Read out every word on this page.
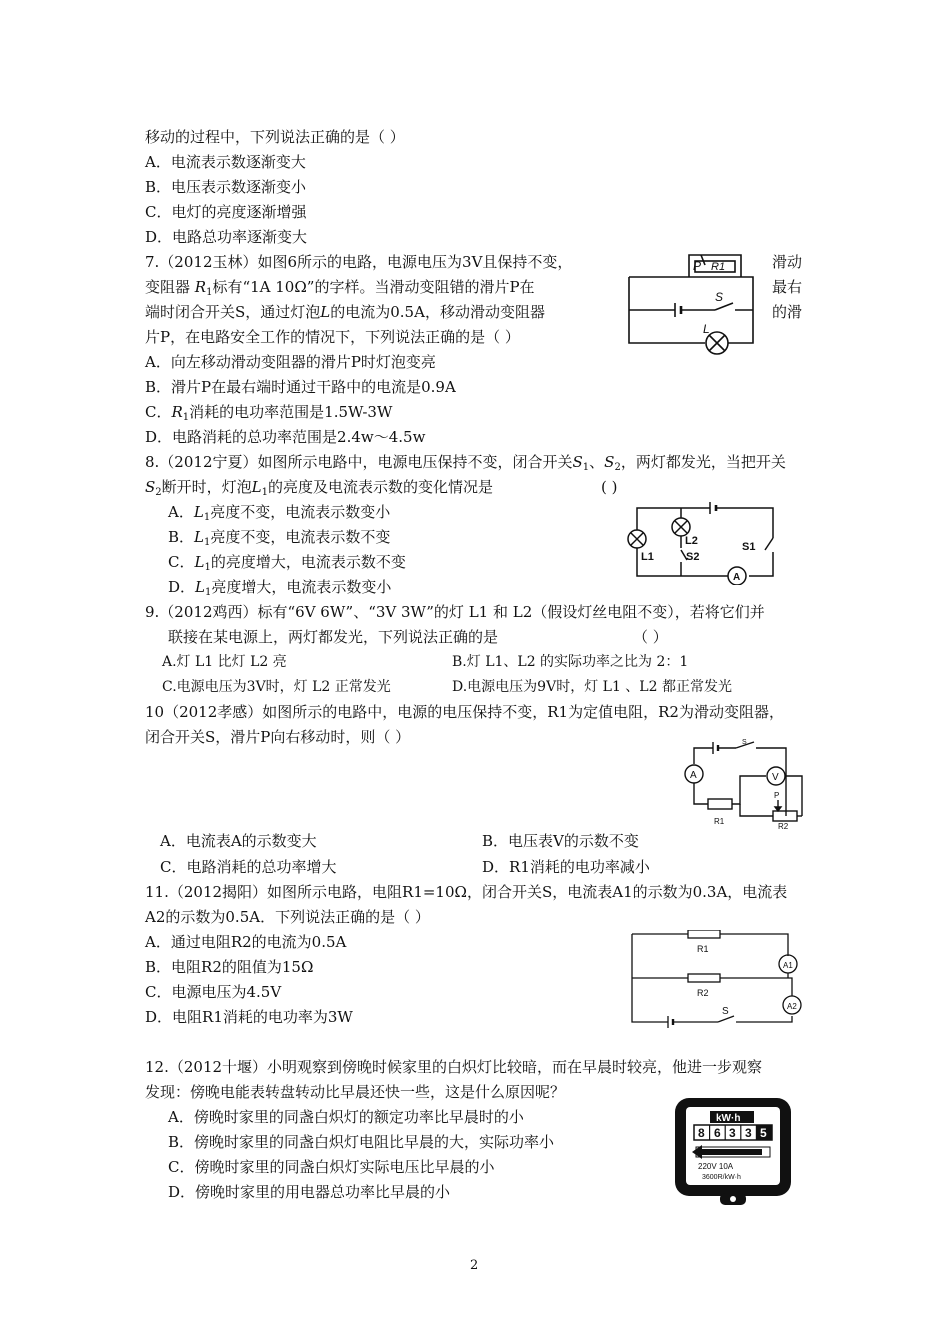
移动的过程中，下列说法正确的是（ ）
A．电流表示数逐渐变大
B．电压表示数逐渐变小
C．电灯的亮度逐渐增强
D．电路总功率逐渐变大
7.（2012玉林）如图6所示的电路，电源电压为3V且保持不变，	滑动
变阻器 $R_1$标有“1A 10Ω”的字样。当滑动变阻错的滑片P在	最右
端时闭合开关S，通过灯泡L的电流为0.5A，移动滑动变阻器	的滑
片P，在电路安全工作的情况下，下列说法正确的是（ ）
A．向左移动滑动变阻器的滑片P时灯泡变亮
B．滑片P在最右端时通过干路中的电流是0.9A
C．$R_1$消耗的电功率范围是1.5W-3W
D．电路消耗的总功率范围是2.4w～4.5w
P R1
S
L
8.（2012宁夏）如图所示电路中，电源电压保持不变，闭合开关$S_1$、$S_2$，两灯都发光，当把开关
$S_2$断开时，灯泡$L_1$的亮度及电流表示数的变化情况是	( )
A．$L_1$亮度不变，电流表示数变小
B．$L_1$亮度不变，电流表示数不变
C．$L_1$的亮度增大，电流表示数不变
D．$L_1$亮度增大，电流表示数变小
L1
L2
S2
S1
A
9.（2012鸡西）标有“6V 6W”、“3V 3W”的灯 L1 和 L2（假设灯丝电阻不变），若将它们并
联接在某电源上，两灯都发光，下列说法正确的是	（ ）
A.灯 L1 比灯 L2 亮	B.灯 L1、L2 的实际功率之比为 2：1
C.电源电压为3V时，灯 L2 正常发光	D.电源电压为9V时，灯 L1 、L2 都正常发光
10（2012孝感）如图所示的电路中，电源的电压保持不变，R1为定值电阻，R2为滑动变阻器，
闭合开关S，滑片P向右移动时，则（ ）
A	V
S
P
R1
R2
A．电流表A的示数变大	B．电压表V的示数不变
C．电路消耗的总功率增大	D．R1消耗的电功率减小
11.（2012揭阳）如图所示电路，电阻R1=10Ω，闭合开关S，电流表A1的示数为0.3A，电流表
A2的示数为0.5A．下列说法正确的是（ ）
A．通过电阻R2的电流为0.5A
B．电阻R2的阻值为15Ω
C．电源电压为4.5V
D．电阻R1消耗的电功率为3W
R1
R2
A1
A2
S
12.（2012十堰）小明观察到傍晚时候家里的白炽灯比较暗，而在早晨时较亮，他进一步观察
发现：傍晚电能表转盘转动比早晨还快一些，这是什么原因呢？
A．傍晚时家里的同盏白炽灯的额定功率比早晨时的小
B．傍晚时家里的同盏白炽灯电阻比早晨的大，实际功率小
C．傍晚时家里的同盏白炽灯实际电压比早晨的小
D．傍晚时家里的用电器总功率比早晨的小
kW·h
8 6 3 3 5
220V 10A
3600R/kW·h
2
